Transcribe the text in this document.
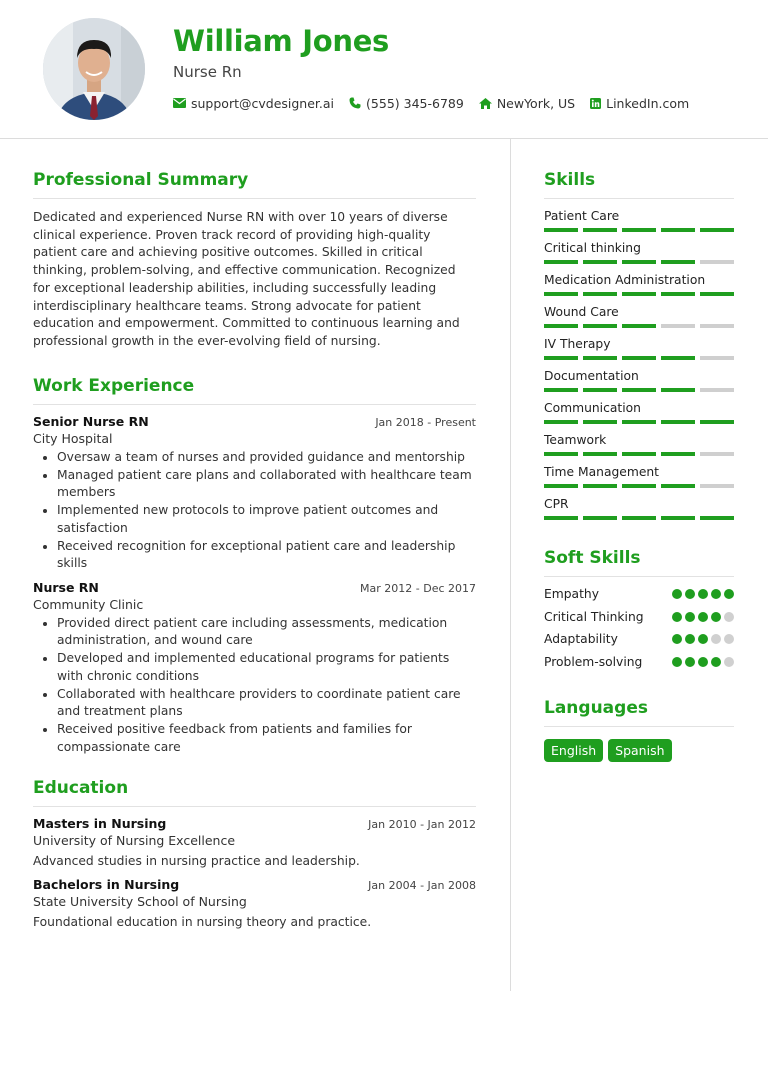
William Jones
Nurse Rn
support@cvdesigner.ai	(555) 345-6789	NewYork, US LinkedIn.com
Professional Summary

Dedicated and experienced Nurse RN with over 10 years of diverse clinical experience. Proven track record of providing high-quality patient care and achieving positive outcomes. Skilled in critical thinking, problem-solving, and effective communication. Recognized for exceptional leadership abilities, including successfully leading interdisciplinary healthcare teams. Strong advocate for patient education and empowerment. Committed to continuous learning and professional growth in the ever-evolving field of nursing.

Work Experience
Senior Nurse RN	Jan 2018 - Present
City Hospital
• Oversaw a team of nurses and provided guidance and mentorship
• Managed patient care plans and collaborated with healthcare team members
• Implemented new protocols to improve patient outcomes and satisfaction
• Received recognition for exceptional patient care and leadership skills
Nurse RN	Mar 2012 - Dec 2017
Community Clinic
• Provided direct patient care including assessments, medication administration, and wound care
• Developed and implemented educational programs for patients with chronic conditions
• Collaborated with healthcare providers to coordinate patient care and treatment plans
• Received positive feedback from patients and families for compassionate care
Education
Masters in Nursing	Jan 2010 - Jan 2012
University of Nursing Excellence
Advanced studies in nursing practice and leadership.
Bachelors in Nursing	Jan 2004 - Jan 2008
State University School of Nursing
Foundational education in nursing theory and practice.
Skills
Patient Care
Critical thinking
Medication Administration
Wound Care
IV Therapy
Documentation
Communication
Teamwork
Time Management
CPR
Soft Skills
Empathy
Critical Thinking
Adaptability
Problem-solving
Languages
English	Spanish
